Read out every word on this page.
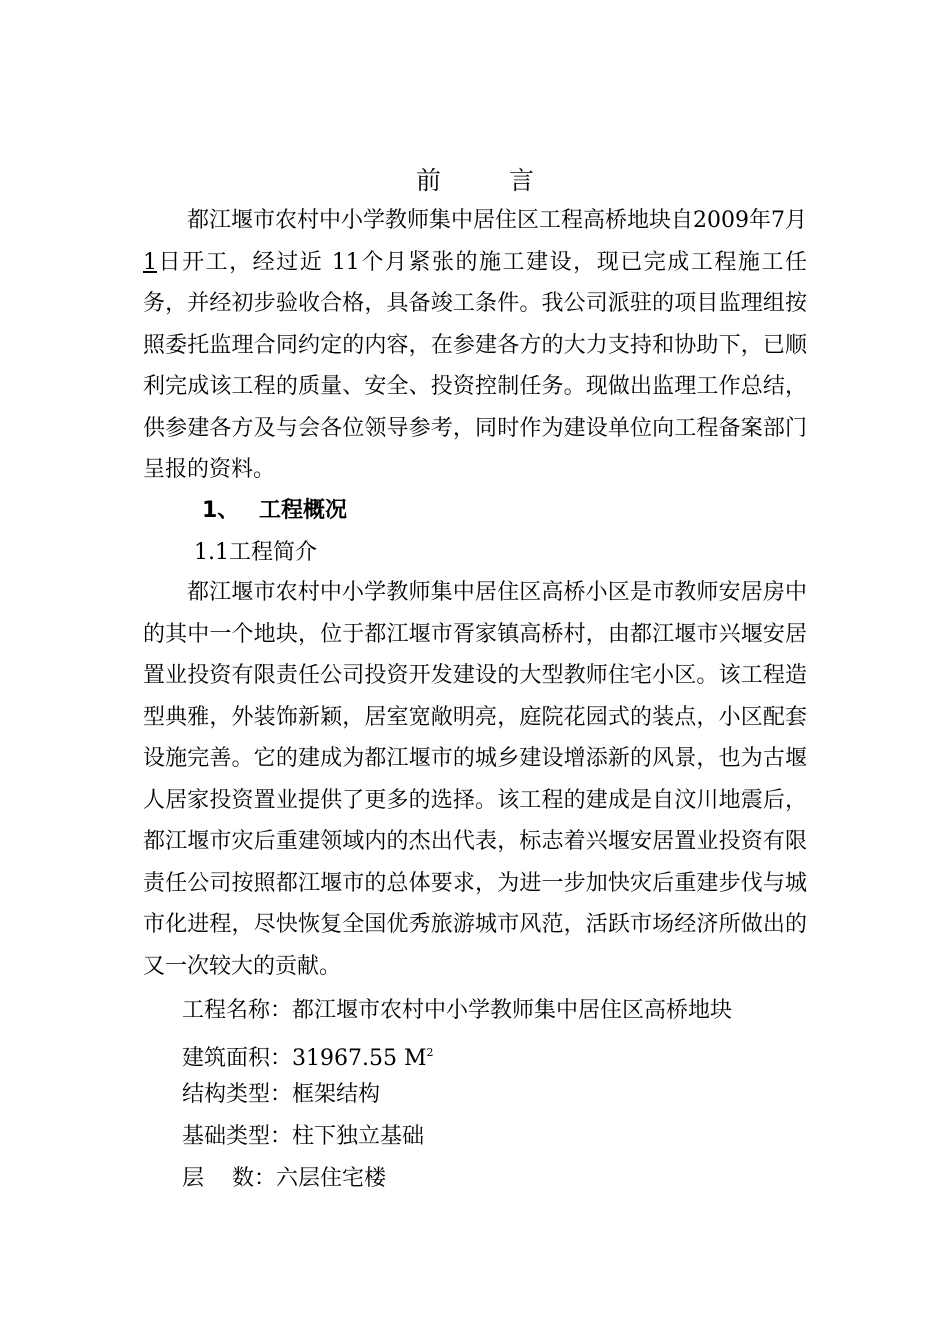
前 言
都江堰市农村中小学教师集中居住区工程高桥地块自2009年7月1日开工，经过近 11个月紧张的施工建设，现已完成工程施工任务，并经初步验收合格，具备竣工条件。我公司派驻的项目监理组按照委托监理合同约定的内容，在参建各方的大力支持和协助下，已顺利完成该工程的质量、安全、投资控制任务。现做出监理工作总结，供参建各方及与会各位领导参考，同时作为建设单位向工程备案部门呈报的资料。
1、 工程概况
1.1工程简介
都江堰市农村中小学教师集中居住区高桥小区是市教师安居房中的其中一个地块，位于都江堰市胥家镇高桥村，由都江堰市兴堰安居置业投资有限责任公司投资开发建设的大型教师住宅小区。该工程造型典雅，外装饰新颖，居室宽敞明亮，庭院花园式的装点，小区配套设施完善。它的建成为都江堰市的城乡建设增添新的风景，也为古堰人居家投资置业提供了更多的选择。该工程的建成是自汶川地震后，都江堰市灾后重建领域内的杰出代表，标志着兴堰安居置业投资有限责任公司按照都江堰市的总体要求，为进一步加快灾后重建步伐与城市化进程，尽快恢复全国优秀旅游城市风范，活跃市场经济所做出的又一次较大的贡献。
工程名称：都江堰市农村中小学教师集中居住区高桥地块
建筑面积：31967.55 $M^2$
结构类型：框架结构
基础类型：柱下独立基础
层    数：六层住宅楼
